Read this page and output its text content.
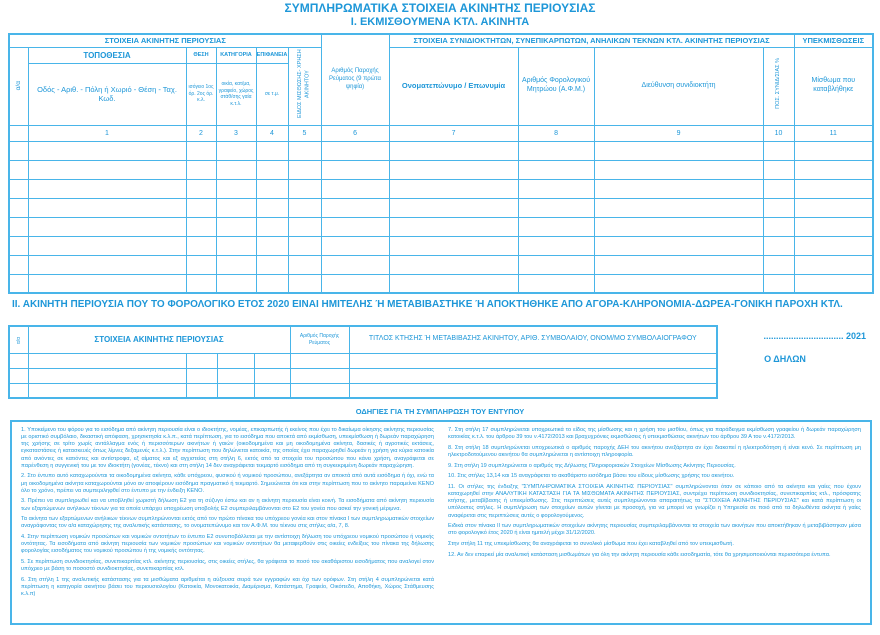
ΣΥΜΠΛΗΡΩΜΑΤΙΚΑ ΣΤΟΙΧΕΙΑ ΑΚΙΝΗΤΗΣ ΠΕΡΙΟΥΣΙΑΣ
Ι. ΕΚΜΙΣΘΟΥΜΕΝΑ ΚΤΛ. ΑΚΙΝΗΤΑ
ΣΤΟΙΧΕΙΑ ΑΚΙΝΗΤΗΣ ΠΕΡΙΟΥΣΙΑΣ						Αριθμός Παροχής Ρεύματος (9 πρώτα ψηφία)	ΣΤΟΙΧΕΙΑ ΣΥΝΙΔΙΟΚΤΗΤΩΝ, ΣΥΝΕΠΙΚΑΡΠΩΤΩΝ, ΑΝΗΛΙΚΩΝ ΤΕΚΝΩΝ ΚΤΛ. ΑΚΙΝΗΤΗΣ ΠΕΡΙΟΥΣΙΑΣ				ΥΠΕΚΜΙΣΘΩΣΕΙΣ
α/α	ΤΟΠΟΘΕΣΙΑ	ΘΕΣΗ	ΚΑΤΗΓΟΡΙΑ	ΕΠΙΦΑΝΕΙΑ	ΕΙΔΟΣ ΜΙΣΘΩΣΗΣ- ΧΡΗΣΗ ΑΚΙΝΗΤΟΥ		Ονοματεπώνυμο / Επωνυμία	Αριθμός Φορολογικού Μητρώου (Α.Φ.Μ.)	Διεύθυνση συνιδιοκτήτη	ΠΟΣ. ΣΥΝΙΔ/ΣΙΑΣ %	Μίσθωμα που καταβλήθηκε
	Οδός - Αριθ. - Πόλη ή Χωριό - Θέση - Ταχ. Κωδ.	ισόγειο 1ος όρ. 2ος όρ. κ.λ.	οικία, κατ/μα, γραφείο, χώρος στάθ/σης γαία κ.τ.λ.	σε τ.μ.							
	1	2	3	4	5	6	7	8	9	10	11

ΙΙ. ΑΚΙΝΗΤΗ ΠΕΡΙΟΥΣΙΑ ΠΟΥ ΤΟ ΦΟΡΟΛΟΓΙΚΟ ΕΤΟΣ 2020 ΕΙΝΑΙ ΗΜΙΤΕΛΗΣ Ή ΜΕΤΑΒΙΒΑΣΤΗΚΕ Ή ΑΠΟΚΤΗΘΗΚΕ ΑΠΟ ΑΓΟΡΑ-ΚΛΗΡΟΝΟΜΙΑ-ΔΩΡΕΑ-ΓΟΝΙΚΗ ΠΑΡΟΧΗ ΚΤΛ.
α/α	ΣΤΟΙΧΕΙΑ ΑΚΙΝΗΤΗΣ ΠΕΡΙΟΥΣΙΑΣ				Αριθμός Παροχής Ρεύματος	ΤΙΤΛΟΣ ΚΤΗΣΗΣ Ή ΜΕΤΑΒΙΒΑΣΗΣ ΑΚΙΝΗΤΟΥ, ΑΡΙΘ. ΣΥΜΒΟΛΑΙΟΥ, ΟΝΟΜ/ΜΟ ΣΥΜΒΟΛΑΙΟΓΡΑΦΟΥ

							................................ 2021
Ο ΔΗΛΩΝ
ΟΔΗΓΙΕΣ ΓΙΑ ΤΗ ΣΥΜΠΛΗΡΩΣΗ ΤΟΥ ΕΝΤΥΠΟΥ

1. Υποκείμενο του φόρου για το εισόδημα από ακίνητη περιουσία είναι ο ιδιοκτήτης, νομέας, επικαρπωτής ή εκείνος που έχει το δικαίωμα οίκησης ακίνητης περιουσίας με οριστικό συμβόλαιο, δικαστική απόφαση, χρησικτησία κ.λ.π., κατά περίπτωση, για το εισόδημα που αποκτά από εκμίσθωση, υπεκμίσθωση ή δωρεάν παραχώρηση της χρήσης σε τρίτο χωρίς αντάλλαγμα ενός ή περισσότερων ακινήτων ή γαιών (οικοδομημένα και μη οικοδομημένα ακίνητα, δασικές ή αγροτικές εκτάσεις, εγκαταστάσεις ή κατασκευές όπως λίμνες δεξαμενές κ.τ.λ.). Στην περίπτωση που δηλώνεται κατοικία, της οποίας έχει παραχωρηθεί δωρεάν η χρήση για κύρια κατοικία από ανιόντες σε κατιόντες και αντίστροφα, εξ αίματος και εξ αγχιστείας στη στήλη 6, εκτός από τα στοιχεία του προσώπου που κάνει χρήση, αναγράφεται σε παρένθεση η συγγενική του με τον ιδιοκτήτη (γονέας, τέκνο) και στη στήλη 14 δεν αναγράφεται τεκμαρτό εισόδημα από τη συγκεκριμένη δωρεάν παραχώρηση.

2. Στο έντυπο αυτό καταχωρούνται τα οικοδομημένα ακίνητα, κάθε υπόχρεου, φυσικού ή νομικού προσώπου, ανεξάρτητα αν αποκτά από αυτά εισόδημα ή όχι, ενώ τα μη οικοδομημένα ακίνητα καταχωρούνται μόνο αν αποφέρουν εισόδημα πραγματικό ή τεκμαρτό. Σημειώνεται ότι και στην περίπτωση που το ακίνητο παραμείνει ΚΕΝΟ όλο το χρόνο, πρέπει να συμπεριληφθεί στο έντυπο με την ένδειξη ΚΕΝΟ.

3. Πρέπει να συμπληρωθεί και να υποβληθεί χωριστή δήλωση Ε2 για τη σύζυγο έστω και αν η ακίνητη περιουσία είναι κοινή. Τα εισοδήματα από ακίνητη περιουσία των εξαρτώμενων ανήλικων τέκνων για τα οποία υπάρχει υποχρέωση υποβολής Ε2 συμπεριλαμβάνονται στο Ε2 του γονέα που ασκεί την γονική μέριμνα.

Τα ακίνητα των εξαρτώμενων ανήλικων τέκνων συμπληρώνονται εκτός από τον πρώτο πίνακα του υπόχρεου γονέα και στον πίνακα Ι των συμπληρωματικών στοιχείων αναγράφοντας τον α/α καταχώρησης της αναλυτικής κατάστασης, το ονοματεπώνυμο και τον Α.Φ.Μ. του τέκνου στις στήλες α/α, 7, 8.

4. Στην περίπτωση νομικών προσώπων και νομικών οντοτήτων το έντυπο Ε2 συνυποβάλλεται με την αντίστοιχη δήλωση του υπόχρεου νομικού προσώπου ή νομικής οντότητας. Τα εισοδήματα από ακίνητη περιουσία των νομικών προσώπων και νομικών οντοτήτων θα μεταφερθούν στις οικείες ενδείξεις του πίνακα της δήλωσης φορολογίας εισοδήματος του νομικού προσώπου ή της νομικής οντότητας.

5. Σε περίπτωση συνιδιοκτησίας, συνεπικαρπίας κτλ. ακίνητης περιουσίας, στις οικείες στήλες, θα γράφεται το ποσό του ακαθάριστου εισοδήματος που αναλογεί στον υπόχρεο με βάση το ποσοστό συνιδιοκτησίας, συνεπικαρπίας κτλ.

6. Στη στήλη 1 της αναλυτικής κατάστασης για τα μισθώματα αριθμείται η αύξουσα σειρά των εγγραφών και όχι των ορόφων. Στη στήλη 4 συμπληρώνεται κατά περίπτωση η κατηγορία ακινήτου βάσει του περιουσιολογίου (Κατοικία, Μονοκατοικία, Διαμέρισμα, Κατάστημα, Γραφείο, Οικόπεδο, Αποθήκη, Χώρος Στάθμευσης κ.λ.π)

7. Στη στήλη 17 συμπληρώνεται υποχρεωτικά το είδος της μίσθωσης και η χρήση του μισθίου, όπως για παράδειγμα εκμίσθωση γραφείου ή δωρεάν παραχώρηση κατοικίας κ.τ.λ. του άρθρου 39 του ν.4172/2013 και βραχυχρόνιες εκμισθώσεις ή υπεκμισθώσεις ακινήτων του άρθρου 39 Α του ν.4172/2013.

8. Στη στήλη 18 συμπληρώνεται υποχρεωτικά ο αριθμός παροχής ΔΕΗ του ακινήτου ανεξάρτητα αν έχει διακοπεί η ηλεκτροδότηση ή είναι κενό. Σε περίπτωση μη ηλεκτροδοτούμενου ακινήτου θα συμπληρώνεται η αντίστοιχη πληροφορία.

9. Στη στήλη 19 συμπληρώνεται ο αριθμός της Δήλωσης Πληροφοριακών Στοιχείων Μίσθωσης Ακίνητης Περιουσίας.

10. Στις στήλες 13,14 και 15 αναγράφεται το ακαθάριστο εισόδημα βάσει του είδους μίσθωσης χρήσης του ακινήτου.

11. Οι στήλες της ένδειξης "ΣΥΜΠΛΗΡΩΜΑΤΙΚΑ ΣΤΟΙΧΕΙΑ ΑΚΙΝΗΤΗΣ ΠΕΡΙΟΥΣΙΑΣ" συμπληρώνονται όταν σε κάποιο από τα ακίνητα και γαίες που έχουν καταχωρηθεί στην ΑΝΑΛΥΤΙΚΗ ΚΑΤΑΣΤΑΣΗ ΓΙΑ ΤΑ ΜΙΣΘΩΜΑΤΑ ΑΚΙΝΗΤΗΣ ΠΕΡΙΟΥΣΙΑΣ, συντρέχει περίπτωση συνιδιοκτησίας, συνεπικαρπίας κτλ., πρόσφατης κτήσης, μεταβίβασης ή υπεκμίσθωσης. Στις περιπτώσεις αυτές συμπληρώνονται απαραιτήτως τα "ΣΤΟΙΧΕΙΑ ΑΚΙΝΗΤΗΣ ΠΕΡΙΟΥΣΙΑΣ" και κατά περίπτωση οι υπόλοιπες στήλες. Η συμπλήρωση των στοιχείων αυτών γίνεται με προσοχή, για να μπορεί να γνωρίζει η Υπηρεσία σε ποιό από τα δηλωθέντα ακίνητα ή γαίες αναφέρεται στις περιπτώσεις αυτές ο φορολογούμενος.

Ειδικά στον πίνακα ΙΙ των συμπληρωματικών στοιχείων ακίνητης περιουσίας συμπεριλαμβάνονται τα στοιχεία των ακινήτων που αποκτήθηκαν ή μεταβιβάστηκαν μέσα στο φορολογικό έτος 2020 ή είναι ημιτελή μέχρι 31/12/2020.

Στην στήλη 11 της υπεκμίσθωσης θα αναγράφεται το συνολικό μίσθωμα που έχει καταβληθεί από τον υπεκμισθωτή.

12. Αν δεν επαρκεί μία αναλυτική κατάσταση μισθωμάτων για όλη την ακίνητη περιουσία κάθε εισοδηματία, τότε θα χρησιμοποιούνται περισσότερα έντυπα.
